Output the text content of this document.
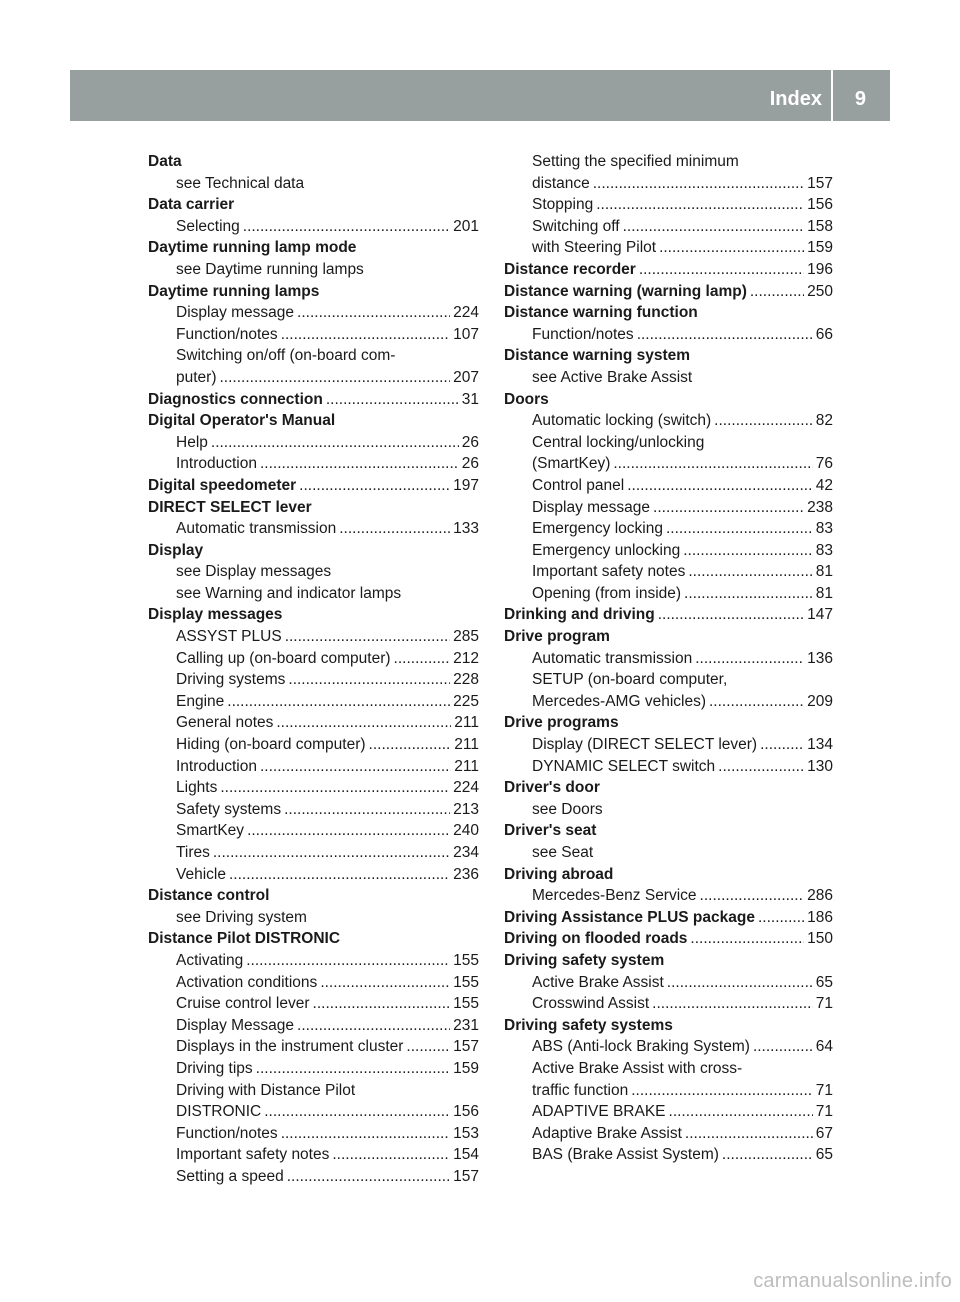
Index 9
Data
see Technical data
Data carrier
Selecting .....	201
Daytime running lamp mode
see Daytime running lamps
Daytime running lamps
Display message .....	224
Function/notes .....	107
Switching on/off (on-board com-
puter) .....	207
Diagnostics connection .....	31
Digital Operator's Manual
Help .....	26
Introduction .....	26
Digital speedometer .....	197
DIRECT SELECT lever
Automatic transmission .....	133
Display
see Display messages
see Warning and indicator lamps
Display messages
ASSYST PLUS .....	285
Calling up (on-board computer) .....	212
Driving systems .....	228
Engine .....	225
General notes .....	211
Hiding (on-board computer) .....	211
Introduction .....	211
Lights .....	224
Safety systems .....	213
SmartKey .....	240
Tires .....	234
Vehicle .....	236
Distance control
see Driving system
Distance Pilot DISTRONIC
Activating .....	155
Activation conditions .....	155
Cruise control lever .....	155
Display Message .....	231
Displays in the instrument cluster .....	157
Driving tips .....	159
Driving with Distance Pilot
DISTRONIC .....	156
Function/notes .....	153
Important safety notes .....	154
Setting a speed .....	157
Setting the specified minimum
distance .....	157
Stopping .....	156
Switching off .....	158
with Steering Pilot .....	159
Distance recorder .....	196
Distance warning (warning lamp) .....	250
Distance warning function
Function/notes .....	66
Distance warning system
see Active Brake Assist
Doors
Automatic locking (switch) .....	82
Central locking/unlocking
(SmartKey) .....	76
Control panel .....	42
Display message .....	238
Emergency locking .....	83
Emergency unlocking .....	83
Important safety notes .....	81
Opening (from inside) .....	81
Drinking and driving .....	147
Drive program
Automatic transmission .....	136
SETUP (on-board computer,
Mercedes-AMG vehicles) .....	209
Drive programs
Display (DIRECT SELECT lever) .....	134
DYNAMIC SELECT switch .....	130
Driver's door
see Doors
Driver's seat
see Seat
Driving abroad
Mercedes-Benz Service .....	286
Driving Assistance PLUS package .....	186
Driving on flooded roads .....	150
Driving safety system
Active Brake Assist .....	65
Crosswind Assist .....	71
Driving safety systems
ABS (Anti-lock Braking System) .....	64
Active Brake Assist with cross-
traffic function .....	71
ADAPTIVE BRAKE .....	71
Adaptive Brake Assist .....	67
BAS (Brake Assist System) .....	65
carmanualsonline.info
